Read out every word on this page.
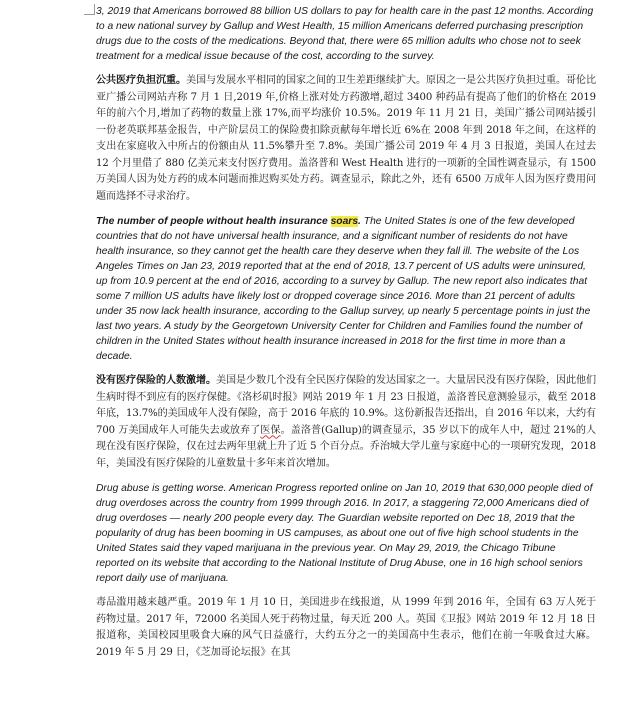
3, 2019 that Americans borrowed 88 billion US dollars to pay for health care in the past 12 months. According to a new national survey by Gallup and West Health, 15 million Americans deferred purchasing prescription drugs due to the costs of the medications. Beyond that, there were 65 million adults who chose not to seek treatment for a medical issue because of the cost, according to the survey.

公共医疗负担沉重。美国与发展水平相同的国家之间的卫生差距继续扩大。原因之一是公共医疗负担过重。哥伦比亚广播公司网站卉称 7 月 1 日,2019 年,价格上涨对处方药激增,超过 3400 种药品有提高了他们的价格在 2019 年的前六个月,增加了药物的数量上涨 17%,而平均涨价 10.5%。2019 年 11 月 21 日，美国广播公司网站援引一份老英联邦基金报告，中产阶层员工的保险费扣除贡献每年增长近 6%在 2008 年到 2018 年之间，在这样的支出在家庭收入中所占的份额由从 11.5%攀升至 7.8%。美国广播公司 2019 年 4 月 3 日报道，美国人在过去 12 个月里借了 880 亿美元来支付医疗费用。盖洛普和 West Health 进行的一项新的全国性调查显示，有 1500 万美国人因为处方药的成本问题而推迟购买处方药。调查显示，除此之外，还有 6500 万成年人因为医疗费用问题而选择不寻求治疗。

The number of people without health insurance soars. The United States is one of the few developed countries that do not have universal health insurance, and a significant number of residents do not have health insurance, so they cannot get the health care they deserve when they fall ill. The website of the Los Angeles Times on Jan 23, 2019 reported that at the end of 2018, 13.7 percent of US adults were uninsured, up from 10.9 percent at the end of 2016, according to a survey by Gallup. The new report also indicates that some 7 million US adults have likely lost or dropped coverage since 2016. More than 21 percent of adults under 35 now lack health insurance, according to the Gallup survey, up nearly 5 percentage points in just the last two years. A study by the Georgetown University Center for Children and Families found the number of children in the United States without health insurance increased in 2018 for the first time in more than a decade.

没有医疗保险的人数激增。美国是少数几个没有全民医疗保险的发达国家之一。大量居民没有医疗保险，因此他们生病时得不到应有的医疗保健。《洛杉矶时报》网站 2019 年 1 月 23 日报道，盖洛普民意测验显示，截至 2018 年底，13.7%的美国成年人没有保险，高于 2016 年底的 10.9%。这份新报告还指出，自 2016 年以来，大约有 700 万美国成年人可能失去或放弃了医保。盖洛普(Gallup)的调查显示，35 岁以下的成年人中，超过 21%的人现在没有医疗保险，仅在过去两年里就上升了近 5 个百分点。乔治城大学儿童与家庭中心的一项研究发现，2018 年，美国没有医疗保险的儿童数量十多年来首次增加。

Drug abuse is getting worse. American Progress reported online on Jan 10, 2019 that 630,000 people died of drug overdoses across the country from 1999 through 2016. In 2017, a staggering 72,000 Americans died of drug overdoses — nearly 200 people every day. The Guardian website reported on Dec 18, 2019 that the popularity of drug has been booming in US campuses, as about one out of five high school students in the United States said they vaped marijuana in the previous year. On May 29, 2019, the Chicago Tribune reported on its website that according to the National Institute of Drug Abuse, one in 16 high school seniors report daily use of marijuana.

毒品滥用越来越严重。2019 年 1 月 10 日，美国进步在线报道，从 1999 年到 2016 年，全国有 63 万人死于药物过量。2017 年，72000 名美国人死于药物过量，每天近 200 人。英国《卫报》网站 2019 年 12 月 18 日报道称，美国校园里吸食大麻的风气日益盛行，大约五分之一的美国高中生表示，他们在前一年吸食过大麻。2019 年 5 月 29 日，《芝加哥论坛报》在其
